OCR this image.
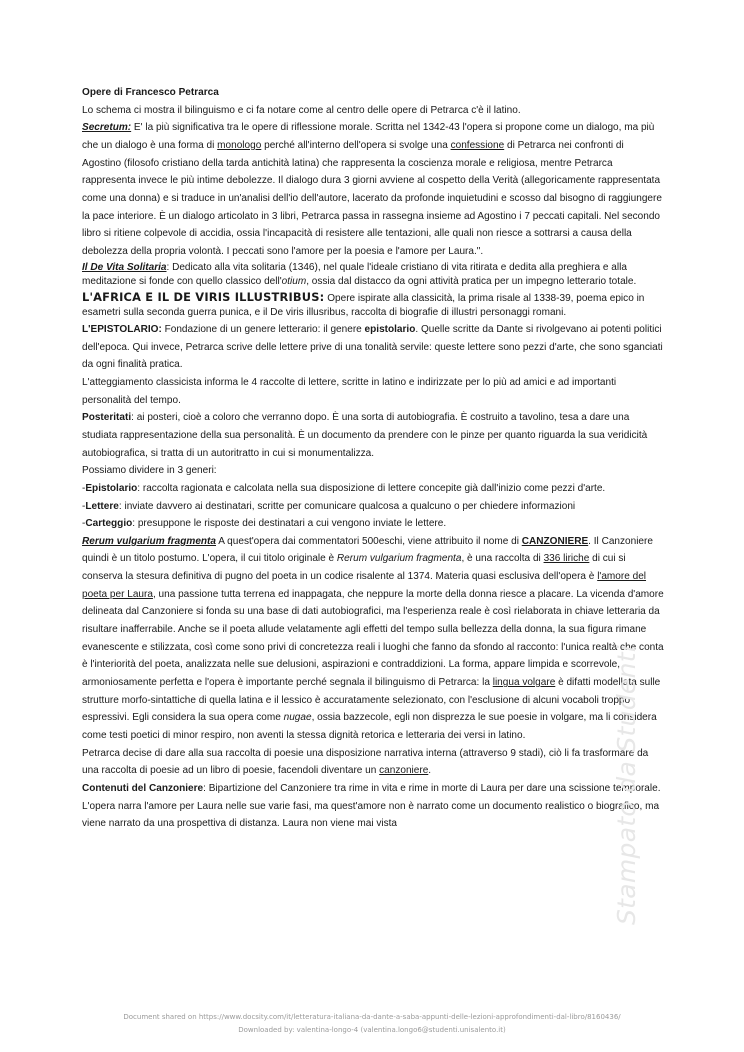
Opere di Francesco Petrarca

Lo schema ci mostra il bilinguismo e ci fa notare come al centro delle opere di Petrarca c'è il latino.

Secretum: E' la più significativa tra le opere di riflessione morale. Scritta nel 1342-43 l'opera si propone come un dialogo, ma più che un dialogo è una forma di monologo perché all'interno dell'opera si svolge una confessione di Petrarca nei confronti di Agostino (filosofo cristiano della tarda antichità latina) che rappresenta la coscienza morale e religiosa, mentre Petrarca rappresenta invece le più intime debolezze. Il dialogo dura 3 giorni avviene al cospetto della Verità (allegoricamente rappresentata come una donna) e si traduce in un'analisi dell'io dell'autore, lacerato da profonde inquietudini e scosso dal bisogno di raggiungere la pace interiore. È un dialogo articolato in 3 libri, Petrarca passa in rassegna insieme ad Agostino i 7 peccati capitali. Nel secondo libro si ritiene colpevole di accidia, ossia l'incapacità di resistere alle tentazioni, alle quali non riesce a sottrarsi a causa della debolezza della propria volontà. I peccati sono l'amore per la poesia e l'amore per Laura.".

Il De Vita Solitaria: Dedicato alla vita solitaria (1346), nel quale l'ideale cristiano di vita ritirata e dedita alla preghiera e alla meditazione si fonde con quello classico dell'otium, ossia dal distacco da ogni attività pratica per un impegno letterario totale.

L'AFRICA E IL DE VIRIS ILLUSTRIBUS: Opere ispirate alla classicità, la prima risale al 1338-39, poema epico in esametri sulla seconda guerra punica, e il De viris illusribus, raccolta di biografie di illustri personaggi romani.

L'EPISTOLARIO: Fondazione di un genere letterario: il genere epistolario. Quelle scritte da Dante si rivolgevano ai potenti politici dell'epoca. Qui invece, Petrarca scrive delle lettere prive di una tonalità servile: queste lettere sono pezzi d'arte, che sono sganciati da ogni finalità pratica.

L'atteggiamento classicista informa le 4 raccolte di lettere, scritte in latino e indirizzate per lo più ad amici e ad importanti personalità del tempo.

Posteritati: ai posteri, cioè a coloro che verranno dopo. È una sorta di autobiografia. È costruito a tavolino, tesa a dare una studiata rappresentazione della sua personalità. È un documento da prendere con le pinze per quanto riguarda la sua veridicità autobiografica, si tratta di un autoritratto in cui si monumentalizza.

Possiamo dividere in 3 generi:

-Epistolario: raccolta ragionata e calcolata nella sua disposizione di lettere concepite già dall'inizio come pezzi d'arte.

-Lettere: inviate davvero ai destinatari, scritte per comunicare qualcosa a qualcuno o per chiedere informazioni

-Carteggio: presuppone le risposte dei destinatari a cui vengono inviate le lettere.

Rerum vulgarium fragmenta A quest'opera dai commentatori 500eschi, viene attribuito il nome di CANZONIERE. Il Canzoniere quindi è un titolo postumo. L'opera, il cui titolo originale è Rerum vulgarium fragmenta, è una raccolta di 336 liriche di cui si conserva la stesura definitiva di pugno del poeta in un codice risalente al 1374. Materia quasi esclusiva dell'opera è l'amore del poeta per Laura, una passione tutta terrena ed inappagata, che neppure la morte della donna riesce a placare. La vicenda d'amore delineata dal Canzoniere si fonda su una base di dati autobiografici, ma l'esperienza reale è così rielaborata in chiave letteraria da risultare inafferrabile. Anche se il poeta allude velatamente agli effetti del tempo sulla bellezza della donna, la sua figura rimane evanescente e stilizzata, così come sono privi di concretezza reali i luoghi che fanno da sfondo al racconto: l'unica realtà che conta è l'interiorità del poeta, analizzata nelle sue delusioni, aspirazioni e contraddizioni. La forma, appare limpida e scorrevole, armoniosamente perfetta e l'opera è importante perché segnala il bilinguismo di Petrarca: la lingua volgare è difatti modellata sulle strutture morfo-sintattiche di quella latina e il lessico è accuratamente selezionato, con l'esclusione di alcuni vocaboli troppo espressivi. Egli considera la sua opera come nugae, ossia bazzecole, egli non disprezza le sue poesie in volgare, ma li considera come testi poetici di minor respiro, non aventi la stessa dignità retorica e letteraria dei versi in latino.

Petrarca decise di dare alla sua raccolta di poesie una disposizione narrativa interna (attraverso 9 stadi), ciò li fa trasformare da una raccolta di poesie ad un libro di poesie, facendoli diventare un canzoniere.

Contenuti del Canzoniere: Bipartizione del Canzoniere tra rime in vita e rime in morte di Laura per dare una scissione temporale. L'opera narra l'amore per Laura nelle sue varie fasi, ma quest'amore non è narrato come un documento realistico o biografico, ma viene narrato da una prospettiva di distanza. Laura non viene mai vista	Stampato da Studenti
Document shared on https://www.docsity.com/it/letteratura-italiana-da-dante-a-saba-appunti-delle-lezioni-approfondimenti-dal-libro/8160436/
Downloaded by: valentina-longo-4 (valentina.longo6@studenti.unisalento.it)
